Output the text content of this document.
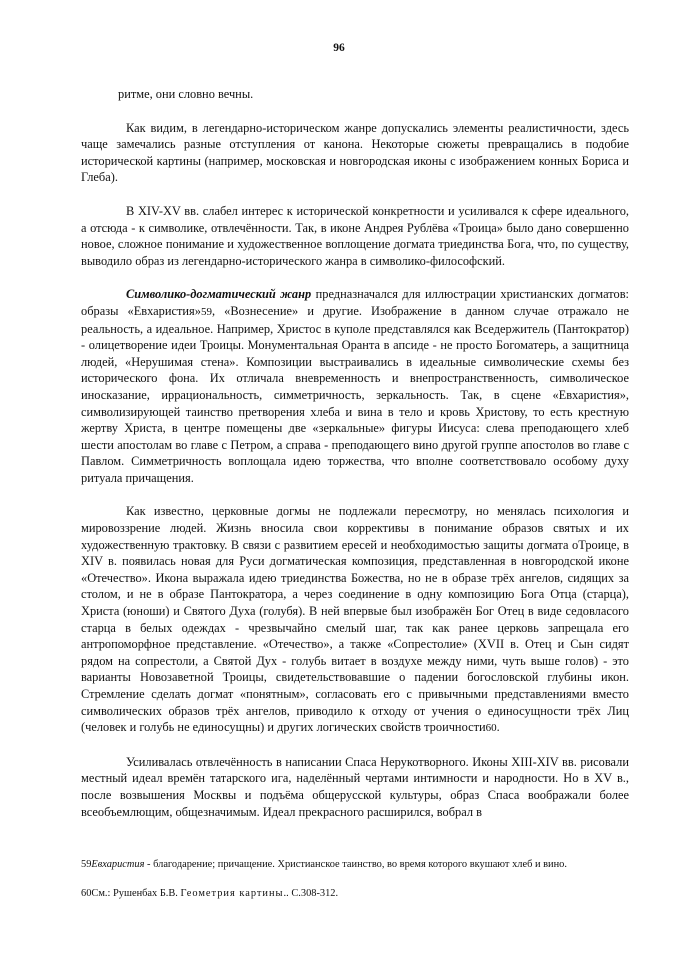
96

ритме, они словно вечны.

Как видим, в легендарно-историческом жанре допускались элементы реалистичности, здесь чаще замечались разные отступления от канона. Некоторые сюжеты превращались в подобие исторической картины (например, московская и новгородская иконы с изображением конных Бориса и Глеба).

В XIV-XV вв. слабел интерес к исторической конкретности и усиливался к сфере идеального, а отсюда - к символике, отвлечённости. Так, в иконе Андрея Рублёва «Троица» было дано совершенно новое, сложное понимание и художественное воплощение догмата триединства Бога, что, по существу, выводило образ из легендарно-исторического жанра в символико-философский.

Символико-догматический жанр предназначался для иллюстрации христианских догматов: образы «Евхаристия»59, «Вознесение» и другие. Изображение в данном случае отражало не реальность, а идеальное. Например, Христос в куполе представлялся как Вседержитель (Пантократор) - олицетворение идеи Троицы. Монументальная Оранта в апсиде - не просто Богоматерь, а защитница людей, «Нерушимая стена». Композиции выстраивались в идеальные символические схемы без исторического фона. Их отличала вневременность и внепространственность, символическое иносказание, иррациональность, симметричность, зеркальность. Так, в сцене «Евхаристия», символизирующей таинство претворения хлеба и вина в тело и кровь Христову, то есть крестную жертву Христа, в центре помещены две «зеркальные» фигуры Иисуса: слева преподающего хлеб шести апостолам во главе с Петром, а справа - преподающего вино другой группе апостолов во главе с Павлом. Симметричность воплощала идею торжества, что вполне соответствовало особому духу ритуала причащения.

Как известно, церковные догмы не подлежали пересмотру, но менялась психология и мировоззрение людей. Жизнь вносила свои коррективы в понимание образов святых и их художественную трактовку. В связи с развитием ересей и необходимостью защиты догмата оТроице, в XIV в. появилась новая для Руси догматическая композиция, представленная в новгородской иконе «Отечество». Икона выражала идею триединства Божества, но не в образе трёх ангелов, сидящих за столом, и не в образе Пантократора, а через соединение в одну композицию Бога Отца (старца), Христа (юноши) и Святого Духа (голубя). В ней впервые был изображён Бог Отец в виде седовласого старца в белых одеждах - чрезвычайно смелый шаг, так как ранее церковь запрещала его антропоморфное представление. «Отечество», а также «Сопрестолие» (XVII в. Отец и Сын сидят рядом на сопрестоли, а Святой Дух - голубь витает в воздухе между ними, чуть выше голов) - это варианты Новозаветной Троицы, свидетельствовавшие о падении богословской глубины икон. Стремление сделать догмат «понятным», согласовать его с привычными представлениями вместо символических образов трёх ангелов, приводило к отходу от учения о единосущности трёх Лиц (человек и голубь не единосущны) и других логических свойств троичности60.

Усиливалась отвлечённость в написании Спаса Нерукотворного. Иконы XIII-XIV вв. рисовали местный идеал времён татарского ига, наделённый чертами интимности и народности. Но в XV в., после возвышения Москвы и подъёма общерусской культуры, образ Спаса воображали более всеобъемлющим, общезначимым. Идеал прекрасного расширился, вобрал в

59Евхаристия - благодарение; причащение. Христианское таинство, во время которого вкушают хлеб и вино.
60См.: Рушенбах Б.В. Геометрия картины.. С.308-312.
